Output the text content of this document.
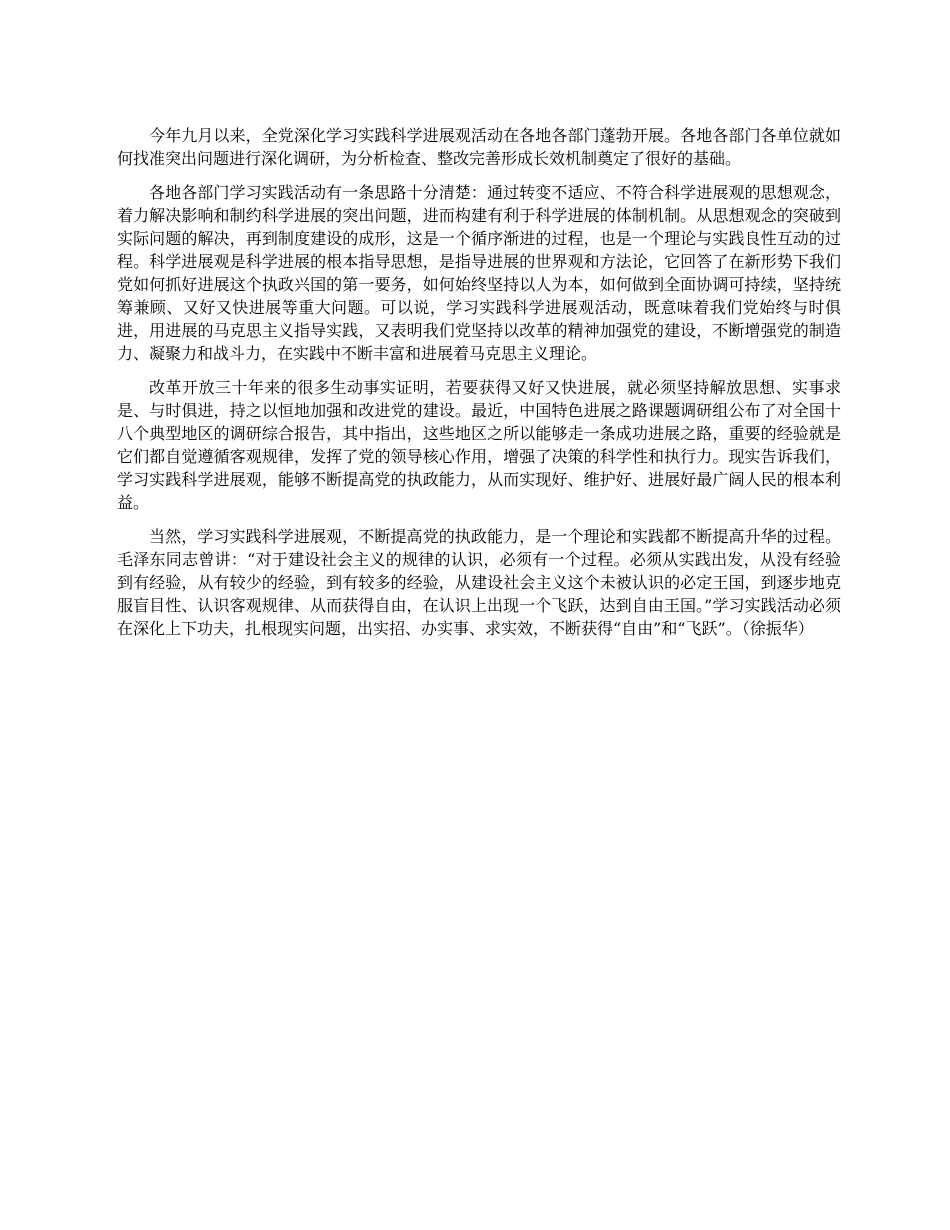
今年九月以来，全党深化学习实践科学进展观活动在各地各部门蓬勃开展。各地各部门各单位就如何找准突出问题进行深化调研，为分析检查、整改完善形成长效机制奠定了很好的基础。

各地各部门学习实践活动有一条思路十分清楚：通过转变不适应、不符合科学进展观的思想观念，着力解决影响和制约科学进展的突出问题，进而构建有利于科学进展的体制机制。从思想观念的突破到实际问题的解决，再到制度建设的成形，这是一个循序渐进的过程，也是一个理论与实践良性互动的过程。科学进展观是科学进展的根本指导思想，是指导进展的世界观和方法论，它回答了在新形势下我们党如何抓好进展这个执政兴国的第一要务，如何始终坚持以人为本，如何做到全面协调可持续，坚持统筹兼顾、又好又快进展等重大问题。可以说，学习实践科学进展观活动，既意味着我们党始终与时俱进，用进展的马克思主义指导实践，又表明我们党坚持以改革的精神加强党的建设，不断增强党的制造力、凝聚力和战斗力，在实践中不断丰富和进展着马克思主义理论。

改革开放三十年来的很多生动事实证明，若要获得又好又快进展，就必须坚持解放思想、实事求是、与时俱进，持之以恒地加强和改进党的建设。最近，中国特色进展之路课题调研组公布了对全国十八个典型地区的调研综合报告，其中指出，这些地区之所以能够走一条成功进展之路，重要的经验就是它们都自觉遵循客观规律，发挥了党的领导核心作用，增强了决策的科学性和执行力。现实告诉我们，学习实践科学进展观，能够不断提高党的执政能力，从而实现好、维护好、进展好最广阔人民的根本利益。

当然，学习实践科学进展观，不断提高党的执政能力，是一个理论和实践都不断提高升华的过程。毛泽东同志曾讲：“对于建设社会主义的规律的认识，必须有一个过程。必须从实践出发，从没有经验到有经验，从有较少的经验，到有较多的经验，从建设社会主义这个未被认识的必定王国，到逐步地克服盲目性、认识客观规律、从而获得自由，在认识上出现一个飞跃，达到自由王国。”学习实践活动必须在深化上下功夫，扎根现实问题，出实招、办实事、求实效，不断获得“自由”和“飞跃”。（徐振华）
